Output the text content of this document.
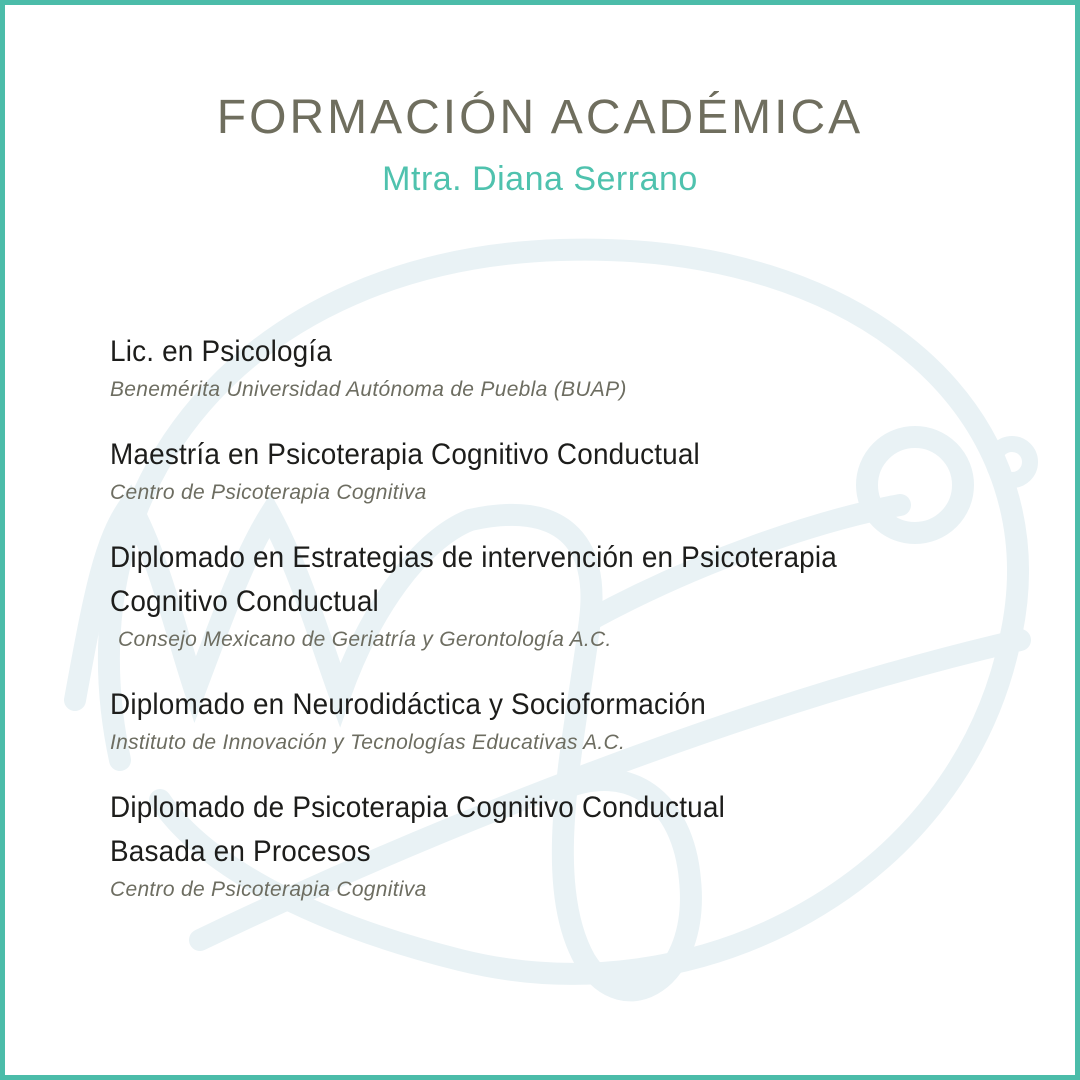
FORMACIÓN ACADÉMICA
Mtra. Diana Serrano
Lic. en Psicología
Benemérita Universidad Autónoma de Puebla (BUAP)
Maestría en Psicoterapia Cognitivo Conductual
Centro de Psicoterapia Cognitiva
Diplomado en Estrategias de intervención en Psicoterapia
Cognitivo Conductual
Consejo Mexicano de Geriatría y Gerontología A.C.
Diplomado en Neurodidáctica y Socioformación
Instituto de Innovación y Tecnologías Educativas A.C.
Diplomado de Psicoterapia Cognitivo Conductual
Basada en Procesos
Centro de Psicoterapia Cognitiva
